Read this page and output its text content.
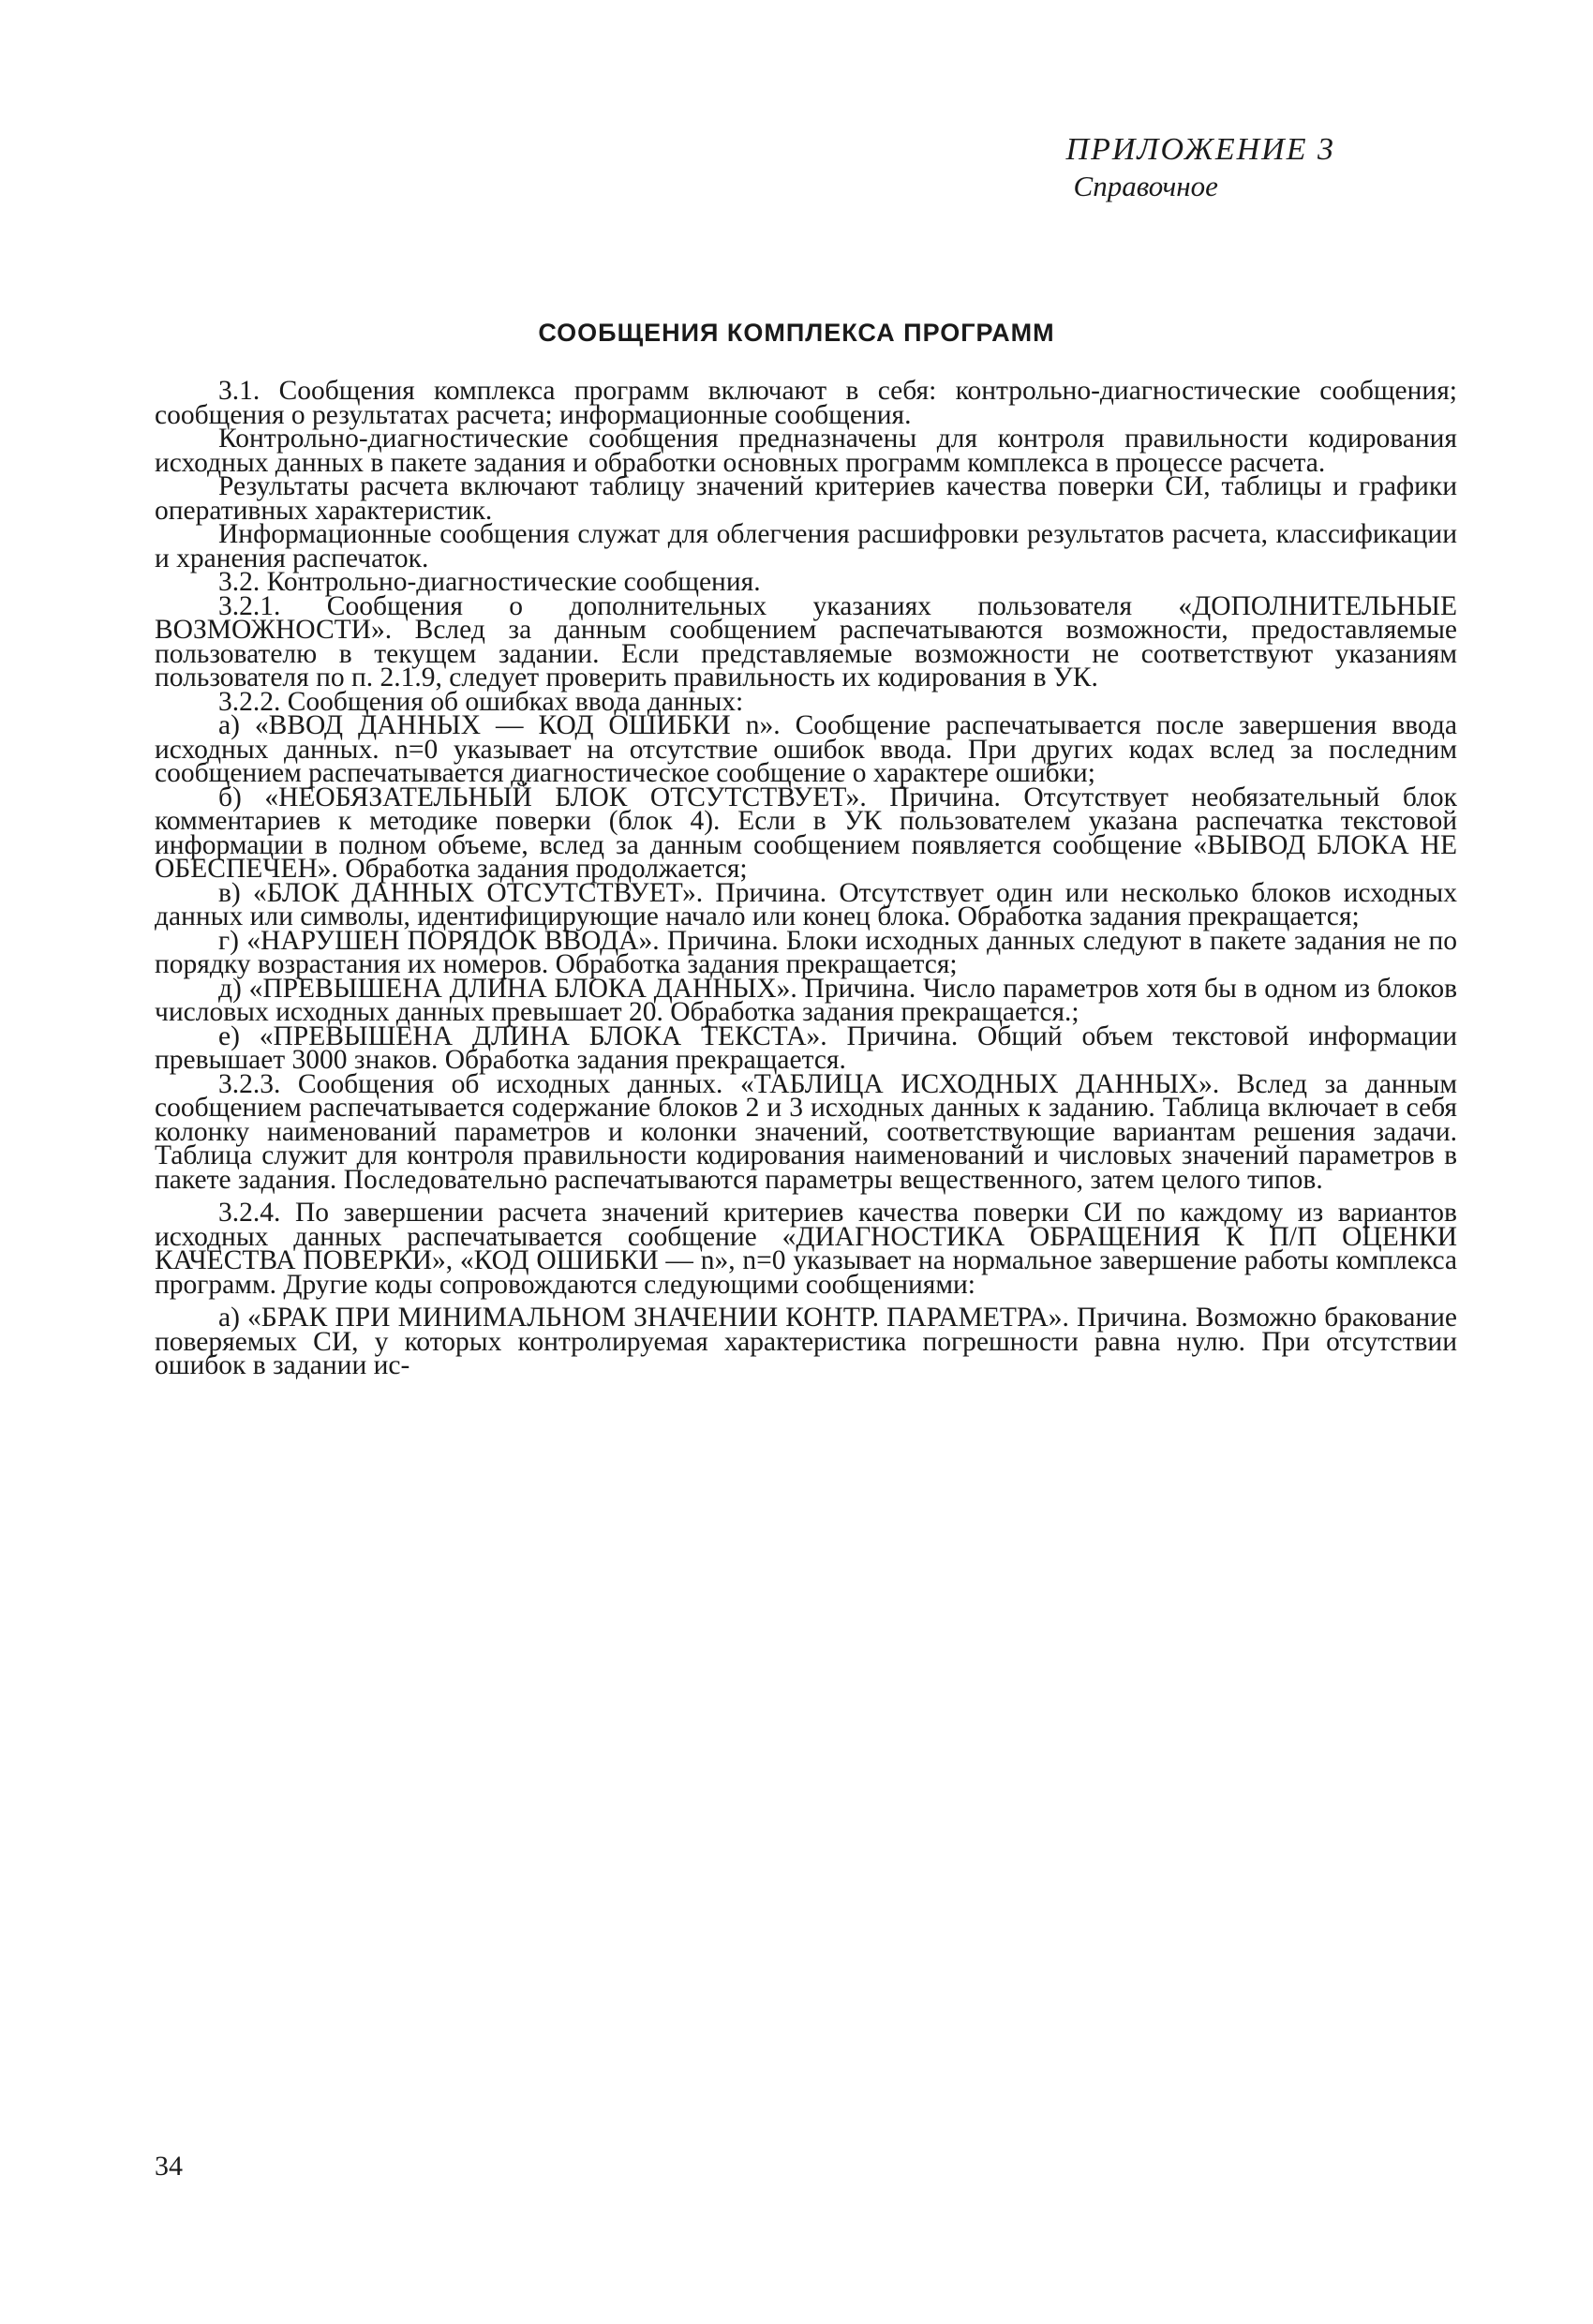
ПРИЛОЖЕНИЕ 3
Справочное
СООБЩЕНИЯ КОМПЛЕКСА ПРОГРАММ

3.1. Сообщения комплекса программ включают в себя: контрольно-диагностические сообщения; сообщения о результатах расчета; информационные сообщения.

Контрольно-диагностические сообщения предназначены для контроля правильности кодирования исходных данных в пакете задания и обработки основных программ комплекса в процессе расчета.

Результаты расчета включают таблицу значений критериев качества поверки СИ, таблицы и графики оперативных характеристик.

Информационные сообщения служат для облегчения расшифровки результатов расчета, классификации и хранения распечаток.

3.2. Контрольно-диагностические сообщения.

3.2.1. Сообщения о дополнительных указаниях пользователя «ДОПОЛНИТЕЛЬНЫЕ ВОЗМОЖНОСТИ». Вслед за данным сообщением распечатываются возможности, предоставляемые пользователю в текущем задании. Если представляемые возможности не соответствуют указаниям пользователя по п. 2.1.9, следует проверить правильность их кодирования в УК.

3.2.2. Сообщения об ошибках ввода данных:

а) «ВВОД ДАННЫХ — КОД ОШИБКИ n». Сообщение распечатывается после завершения ввода исходных данных. n=0 указывает на отсутствие ошибок ввода. При других кодах вслед за последним сообщением распечатывается диагностическое сообщение о характере ошибки;

б) «НЕОБЯЗАТЕЛЬНЫЙ БЛОК ОТСУТСТВУЕТ». Причина. Отсутствует необязательный блок комментариев к методике поверки (блок 4). Если в УК пользователем указана распечатка текстовой информации в полном объеме, вслед за данным сообщением появляется сообщение «ВЫВОД БЛОКА НЕ ОБЕСПЕЧЕН». Обработка задания продолжается;

в) «БЛОК ДАННЫХ ОТСУТСТВУЕТ». Причина. Отсутствует один или несколько блоков исходных данных или символы, идентифицирующие начало или конец блока. Обработка задания прекращается;

г) «НАРУШЕН ПОРЯДОК ВВОДА». Причина. Блоки исходных данных следуют в пакете задания не по порядку возрастания их номеров. Обработка задания прекращается;

д) «ПРЕВЫШЕНА ДЛИНА БЛОКА ДАННЫХ». Причина. Число параметров хотя бы в одном из блоков числовых исходных данных превышает 20. Обработка задания прекращается.;

е) «ПРЕВЫШЕНА ДЛИНА БЛОКА ТЕКСТА». Причина. Общий объем текстовой информации превышает 3000 знаков. Обработка задания прекращается.

3.2.3. Сообщения об исходных данных. «ТАБЛИЦА ИСХОДНЫХ ДАННЫХ». Вслед за данным сообщением распечатывается содержание блоков 2 и 3 исходных данных к заданию. Таблица включает в себя колонку наименований параметров и колонки значений, соответствующие вариантам решения задачи. Таблица служит для контроля правильности кодирования наименований и числовых значений параметров в пакете задания. Последовательно распечатываются параметры вещественного, затем целого типов.

3.2.4. По завершении расчета значений критериев качества поверки СИ по каждому из вариантов исходных данных распечатывается сообщение «ДИАГНОСТИКА ОБРАЩЕНИЯ К П/П ОЦЕНКИ КАЧЕСТВА ПОВЕРКИ», «КОД ОШИБКИ — n», n=0 указывает на нормальное завершение работы комплекса программ. Другие коды сопровождаются следующими сообщениями:

а) «БРАК ПРИ МИНИМАЛЬНОМ ЗНАЧЕНИИ КОНТР. ПАРАМЕТРА». Причина. Возможно бракование поверяемых СИ, у которых контролируемая характеристика погрешности равна нулю. При отсутствии ошибок в задании ис-

34
